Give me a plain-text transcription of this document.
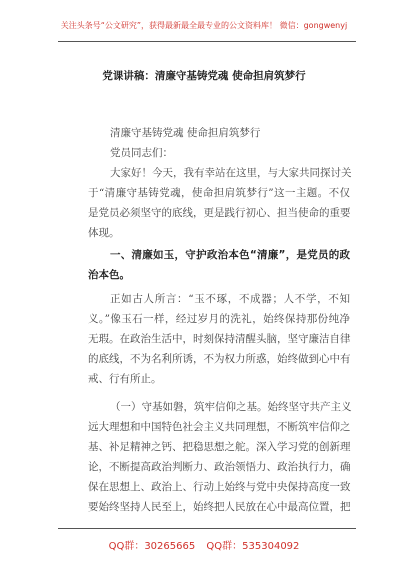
关注头条号“公文研究”，获得最新最全最专业的公文资料库！ 微信：gongwenyj
党课讲稿：清廉守基铸党魂 使命担肩筑梦行
清廉守基铸党魂 使命担肩筑梦行
党员同志们：
大家好！今天，我有幸站在这里，与大家共同探讨关
于“清廉守基铸党魂，使命担肩筑梦行”这一主题。不仅
是党员必须坚守的底线，更是践行初心、担当使命的重要
体现。
一、清廉如玉，守护政治本色“清廉”，是党员的政
治本色。
正如古人所言：“玉不琢，不成器；人不学，不知
义。”像玉石一样，经过岁月的洗礼，始终保持那份纯净
无瑕。在政治生活中，时刻保持清醒头脑，坚守廉洁自律
的底线，不为名利所诱，不为权力所惑，始终做到心中有
戒、行有所止。
（一）守基如磐，筑牢信仰之基。始终坚守共产主义
远大理想和中国特色社会主义共同理想，不断筑牢信仰之
基、补足精神之钙、把稳思想之舵。深入学习党的创新理
论，不断提高政治判断力、政治领悟力、政治执行力，确
保在思想上、政治上、行动上始终与党中央保持高度一致
要始终坚持人民至上，始终把人民放在心中最高位置，把
QQ群：30265665 QQ群：535304092
